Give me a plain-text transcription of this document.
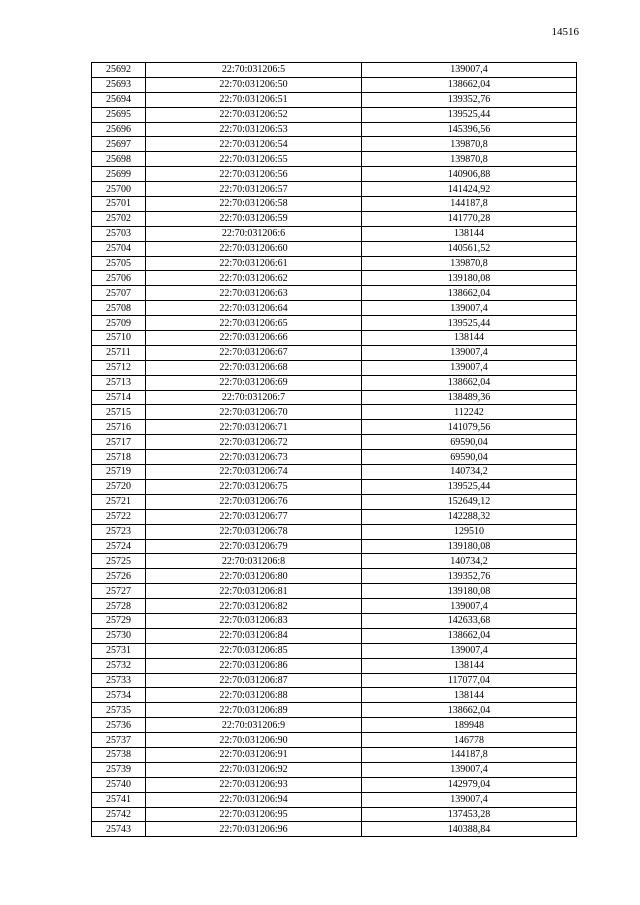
14516
25692	22:70:031206:5	139007,4
25693	22:70:031206:50	138662,04
25694	22:70:031206:51	139352,76
25695	22:70:031206:52	139525,44
25696	22:70:031206:53	145396,56
25697	22:70:031206:54	139870,8
25698	22:70:031206:55	139870,8
25699	22:70:031206:56	140906,88
25700	22:70:031206:57	141424,92
25701	22:70:031206:58	144187,8
25702	22:70:031206:59	141770,28
25703	22:70:031206:6	138144
25704	22:70:031206:60	140561,52
25705	22:70:031206:61	139870,8
25706	22:70:031206:62	139180,08
25707	22:70:031206:63	138662,04
25708	22:70:031206:64	139007,4
25709	22:70:031206:65	139525,44
25710	22:70:031206:66	138144
25711	22:70:031206:67	139007,4
25712	22:70:031206:68	139007,4
25713	22:70:031206:69	138662,04
25714	22:70:031206:7	138489,36
25715	22:70:031206:70	112242
25716	22:70:031206:71	141079,56
25717	22:70:031206:72	69590,04
25718	22:70:031206:73	69590,04
25719	22:70:031206:74	140734,2
25720	22:70:031206:75	139525,44
25721	22:70:031206:76	152649,12
25722	22:70:031206:77	142288,32
25723	22:70:031206:78	129510
25724	22:70:031206:79	139180,08
25725	22:70:031206:8	140734,2
25726	22:70:031206:80	139352,76
25727	22:70:031206:81	139180,08
25728	22:70:031206:82	139007,4
25729	22:70:031206:83	142633,68
25730	22:70:031206:84	138662,04
25731	22:70:031206:85	139007,4
25732	22:70:031206:86	138144
25733	22:70:031206:87	117077,04
25734	22:70:031206:88	138144
25735	22:70:031206:89	138662,04
25736	22:70:031206:9	189948
25737	22:70:031206:90	146778
25738	22:70:031206:91	144187,8
25739	22:70:031206:92	139007,4
25740	22:70:031206:93	142979,04
25741	22:70:031206:94	139007,4
25742	22:70:031206:95	137453,28
25743	22:70:031206:96	140388,84
